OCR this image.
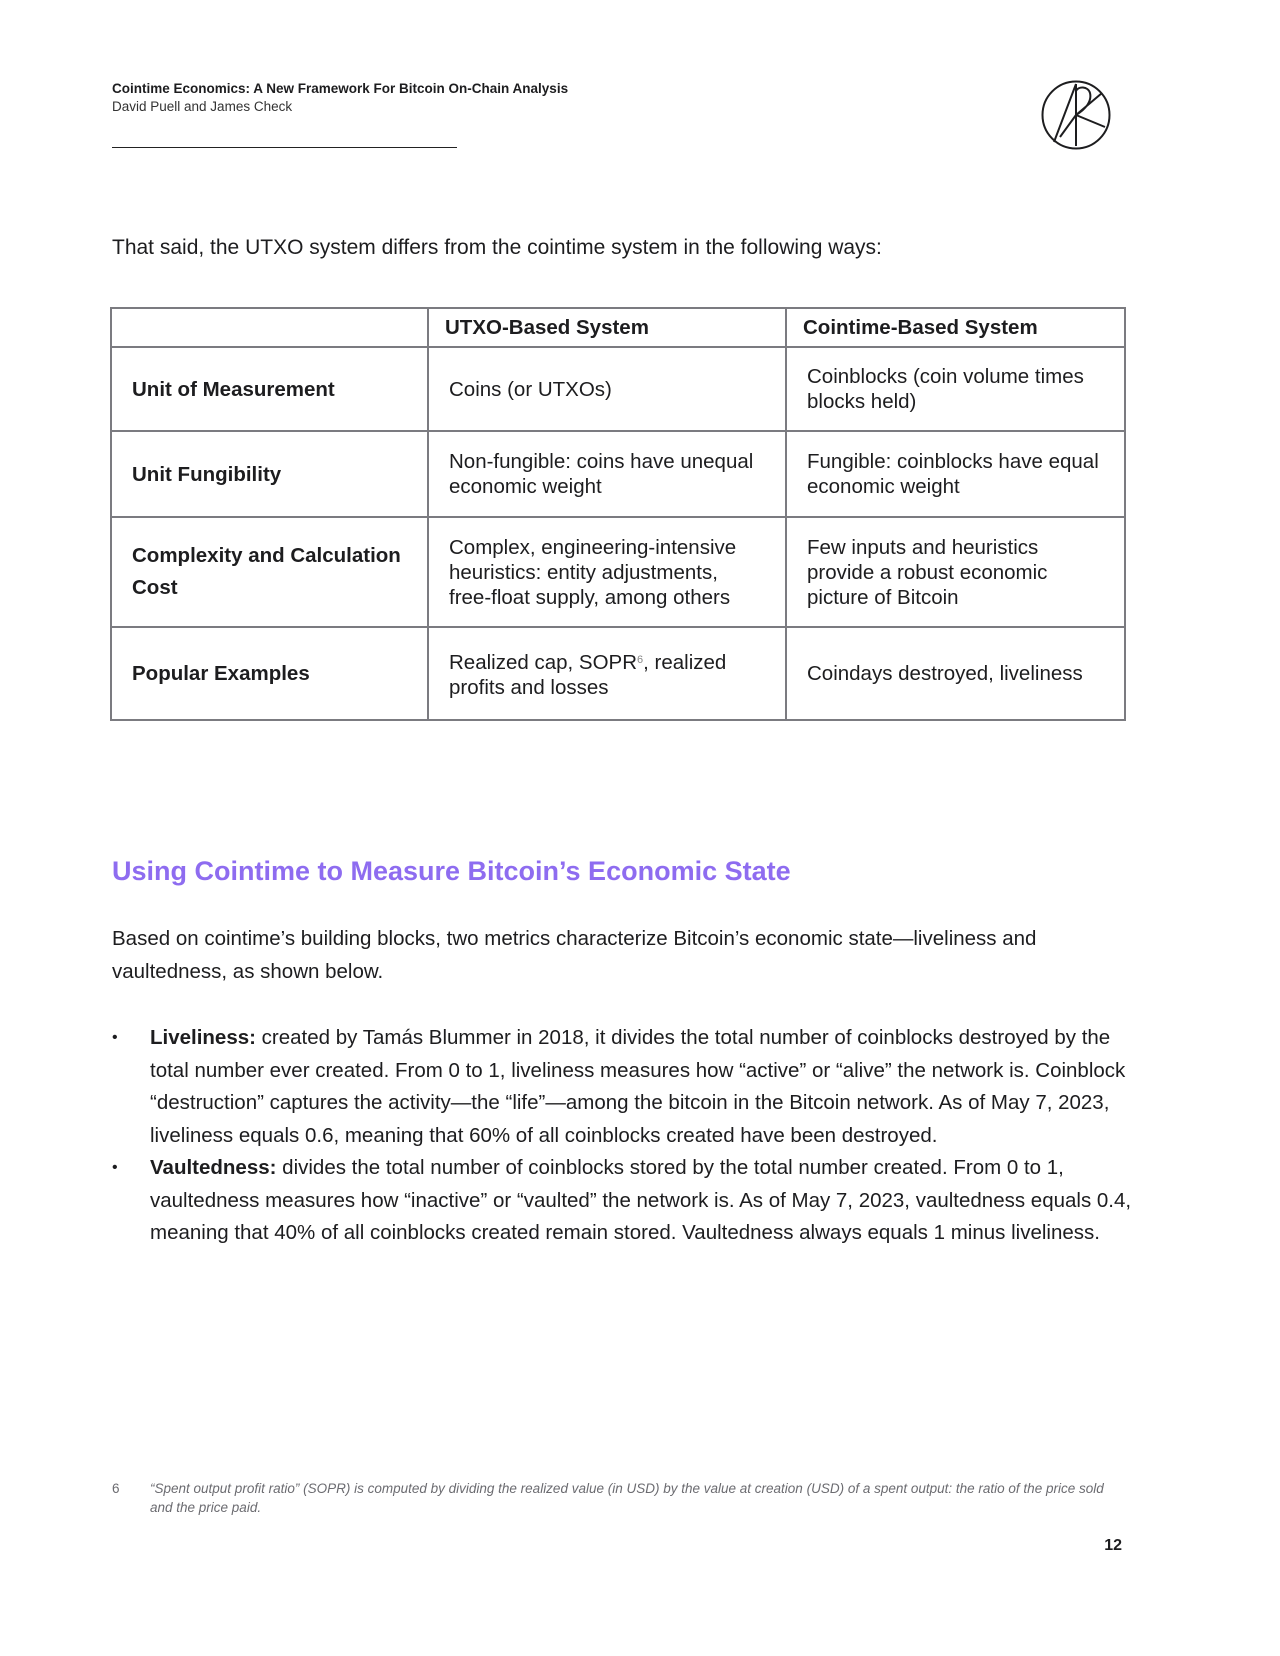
Cointime Economics: A New Framework For Bitcoin On-Chain Analysis
David Puell and James Check

That said, the UTXO system differs from the cointime system in the following ways:

	UTXO-Based System	Cointime-Based System
Unit of Measurement	Coins (or UTXOs)	Coinblocks (coin volume times blocks held)
Unit Fungibility	Non-fungible: coins have unequal economic weight	Fungible: coinblocks have equal economic weight
Complexity and Calculation Cost	Complex, engineering-intensive heuristics: entity adjustments, free-float supply, among others	Few inputs and heuristics provide a robust economic picture of Bitcoin
Popular Examples	Realized cap, SOPR$^6$, realized profits and losses	Coindays destroyed, liveliness
Using Cointime to Measure Bitcoin’s Economic State

Based on cointime’s building blocks, two metrics characterize Bitcoin’s economic state—liveliness and vaultedness, as shown below.

• Liveliness: created by Tamás Blummer in 2018, it divides the total number of coinblocks destroyed by the total number ever created. From 0 to 1, liveliness measures how “active” or “alive” the network is. Coinblock “destruction” captures the activity—the “life”—among the bitcoin in the Bitcoin network. As of May 7, 2023, liveliness equals 0.6, meaning that 60% of all coinblocks created have been destroyed.
• Vaultedness: divides the total number of coinblocks stored by the total number created. From 0 to 1, vaultedness measures how “inactive” or “vaulted” the network is. As of May 7, 2023, vaultedness equals 0.4, meaning that 40% of all coinblocks created remain stored. Vaultedness always equals 1 minus liveliness.
6 “Spent output profit ratio” (SOPR) is computed by dividing the realized value (in USD) by the value at creation (USD) of a spent output: the ratio of the price sold and the price paid.
12
